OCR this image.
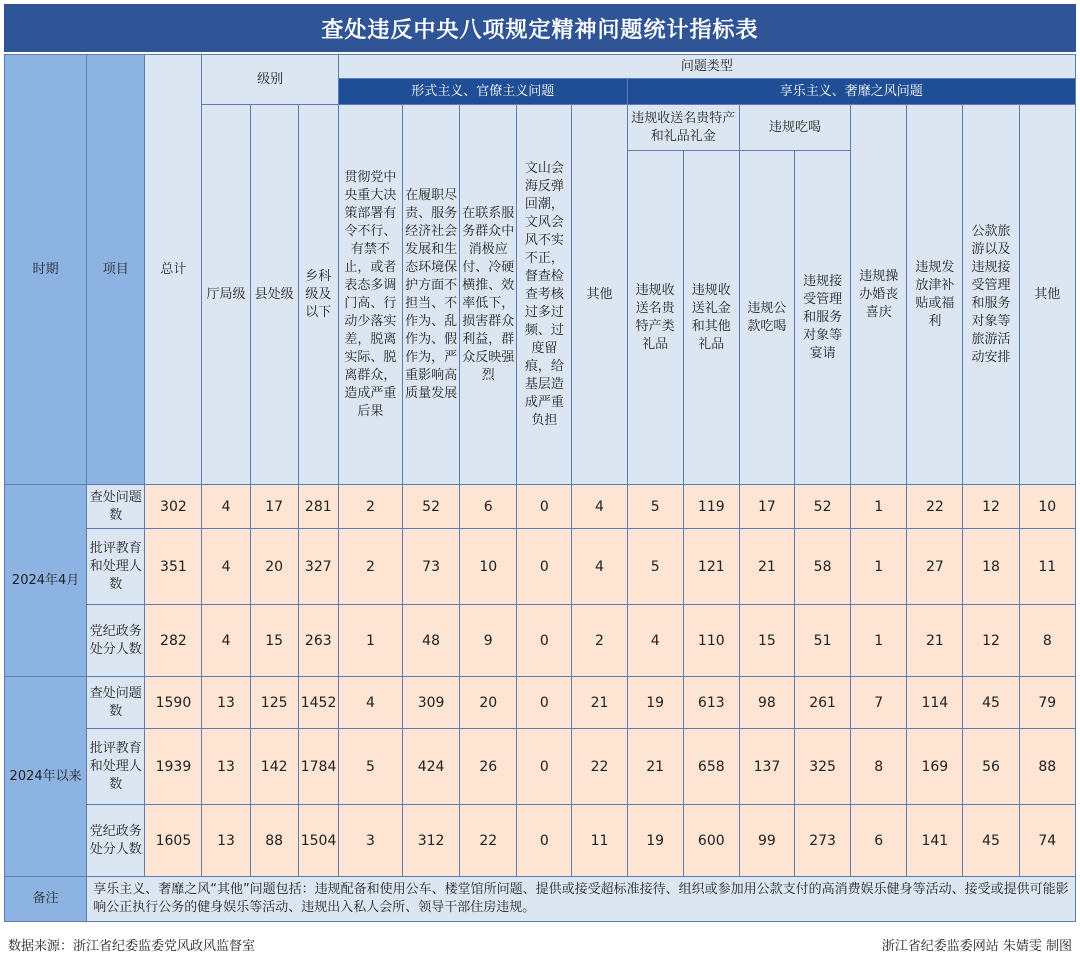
查处违反中央八项规定精神问题统计指标表
时期	项目	总计	级别			问题类型												
						形式主义、官僚主义问题					享乐主义、奢靡之风问题							
			厅局级	县处级	乡科级及以下	贯彻党中央重大决策部署有令不行、有禁不止，或者表态多调门高、行动少落实差，脱离实际、脱离群众，造成严重后果	在履职尽责、服务经济社会发展和生态环境保护方面不担当、不作为、乱作为、假作为，严重影响高质量发展	在联系服务群众中消极应付、冷硬横推、效率低下，损害群众利益，群众反映强烈	文山会海反弹回潮，文风会风不实不正，督查检查考核过多过频、过度留痕，给基层造成严重负担	其他	违规收送名贵特产和礼品礼金		违规吃喝		违规操办婚丧喜庆	违规发放津补贴或福利	公款旅游以及违规接受管理和服务对象等旅游活动安排	其他
											违规收送名贵特产类礼品	违规收送礼金和其他礼品	违规公款吃喝	违规接受管理和服务对象等宴请				
2024年4月	查处问题数	302	4	17	281	2	52	6	0	4	5	119	17	52	1	22	12	10
	批评教育和处理人数	351	4	20	327	2	73	10	0	4	5	121	21	58	1	27	18	11
	党纪政务处分人数	282	4	15	263	1	48	9	0	2	4	110	15	51	1	21	12	8
2024年以来	查处问题数	1590	13	125	1452	4	309	20	0	21	19	613	98	261	7	114	45	79
	批评教育和处理人数	1939	13	142	1784	5	424	26	0	22	21	658	137	325	8	169	56	88
	党纪政务处分人数	1605	13	88	1504	3	312	22	0	11	19	600	99	273	6	141	45	74
备注	享乐主义、奢靡之风“其他”问题包括：违规配备和使用公车、楼堂馆所问题、提供或接受超标准接待、组织或参加用公款支付的高消费娱乐健身等活动、接受或提供可能影响公正执行公务的健身娱乐等活动、违规出入私人会所、领导干部住房违规。																	
数据来源：浙江省纪委监委党风政风监督室	浙江省纪委监委网站 朱婧雯 制图
